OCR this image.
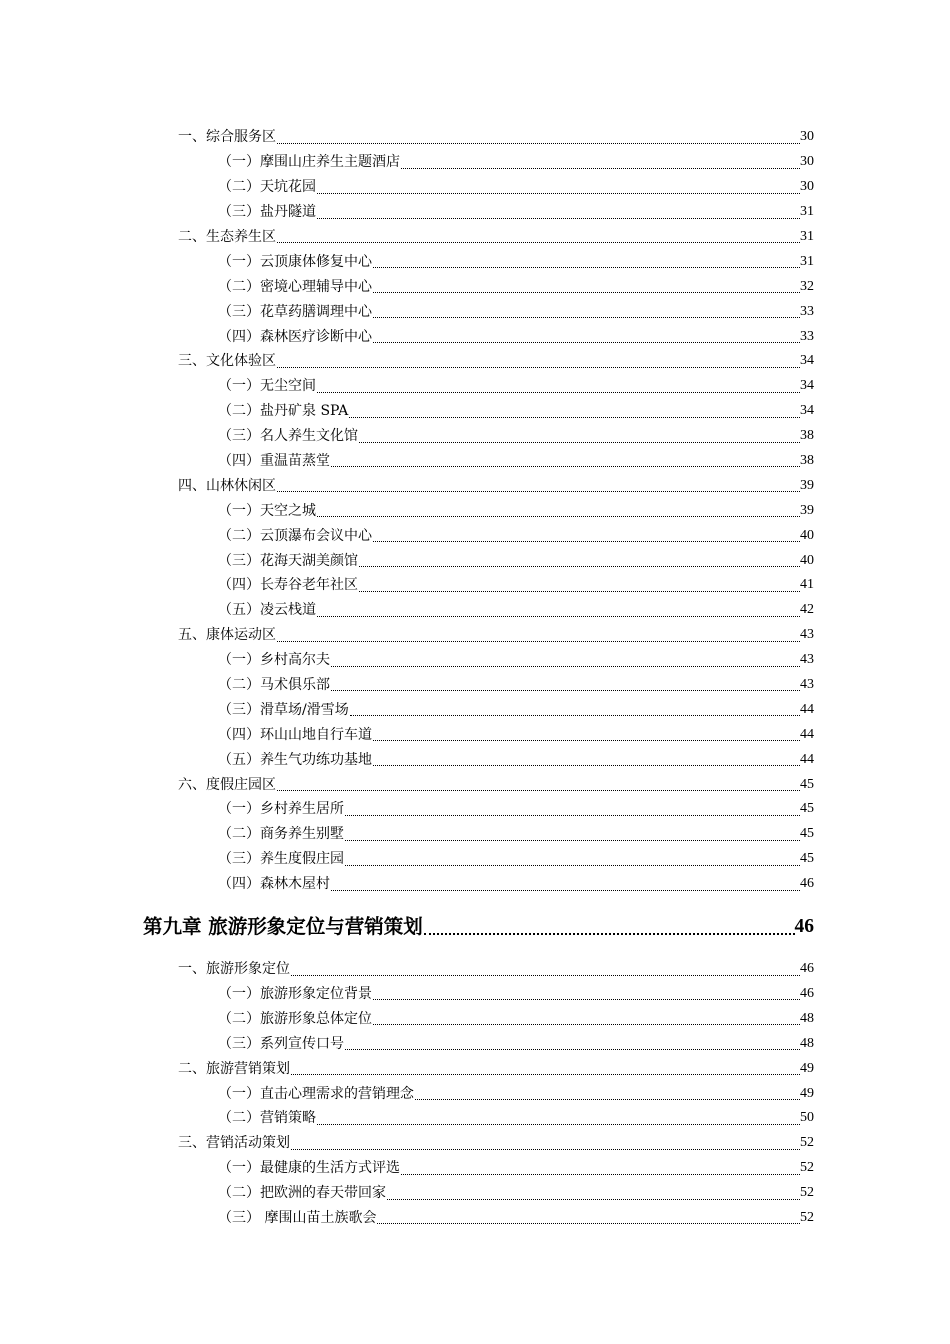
一、综合服务区	30
（一）摩围山庄养生主题酒店	30
（二）天坑花园	30
（三）盐丹隧道	31
二、生态养生区	31
（一）云顶康体修复中心	31
（二）密境心理辅导中心	32
（三）花草药膳调理中心	33
（四）森林医疗诊断中心	33
三、文化体验区	34
（一）无尘空间	34
（二）盐丹矿泉 SPA	34
（三）名人养生文化馆	38
（四）重温苗蒸堂	38
四、山林休闲区	39
（一）天空之城	39
（二）云顶瀑布会议中心	40
（三）花海天湖美颜馆	40
（四）长寿谷老年社区	41
（五）凌云栈道	42
五、康体运动区	43
（一）乡村高尔夫	43
（二）马术俱乐部	43
（三）滑草场/滑雪场	44
（四）环山山地自行车道	44
（五）养生气功练功基地	44
六、度假庄园区	45
（一）乡村养生居所	45
（二）商务养生别墅	45
（三）养生度假庄园	45
（四）森林木屋村	46
第九章 旅游形象定位与营销策划	46
一、旅游形象定位	46
（一）旅游形象定位背景	46
（二）旅游形象总体定位	48
（三）系列宣传口号	48
二、旅游营销策划	49
（一）直击心理需求的营销理念	49
（二）营销策略	50
三、营销活动策划	52
（一）最健康的生活方式评选	52
（二）把欧洲的春天带回家	52
（三） 摩围山苗土族歌会	52
